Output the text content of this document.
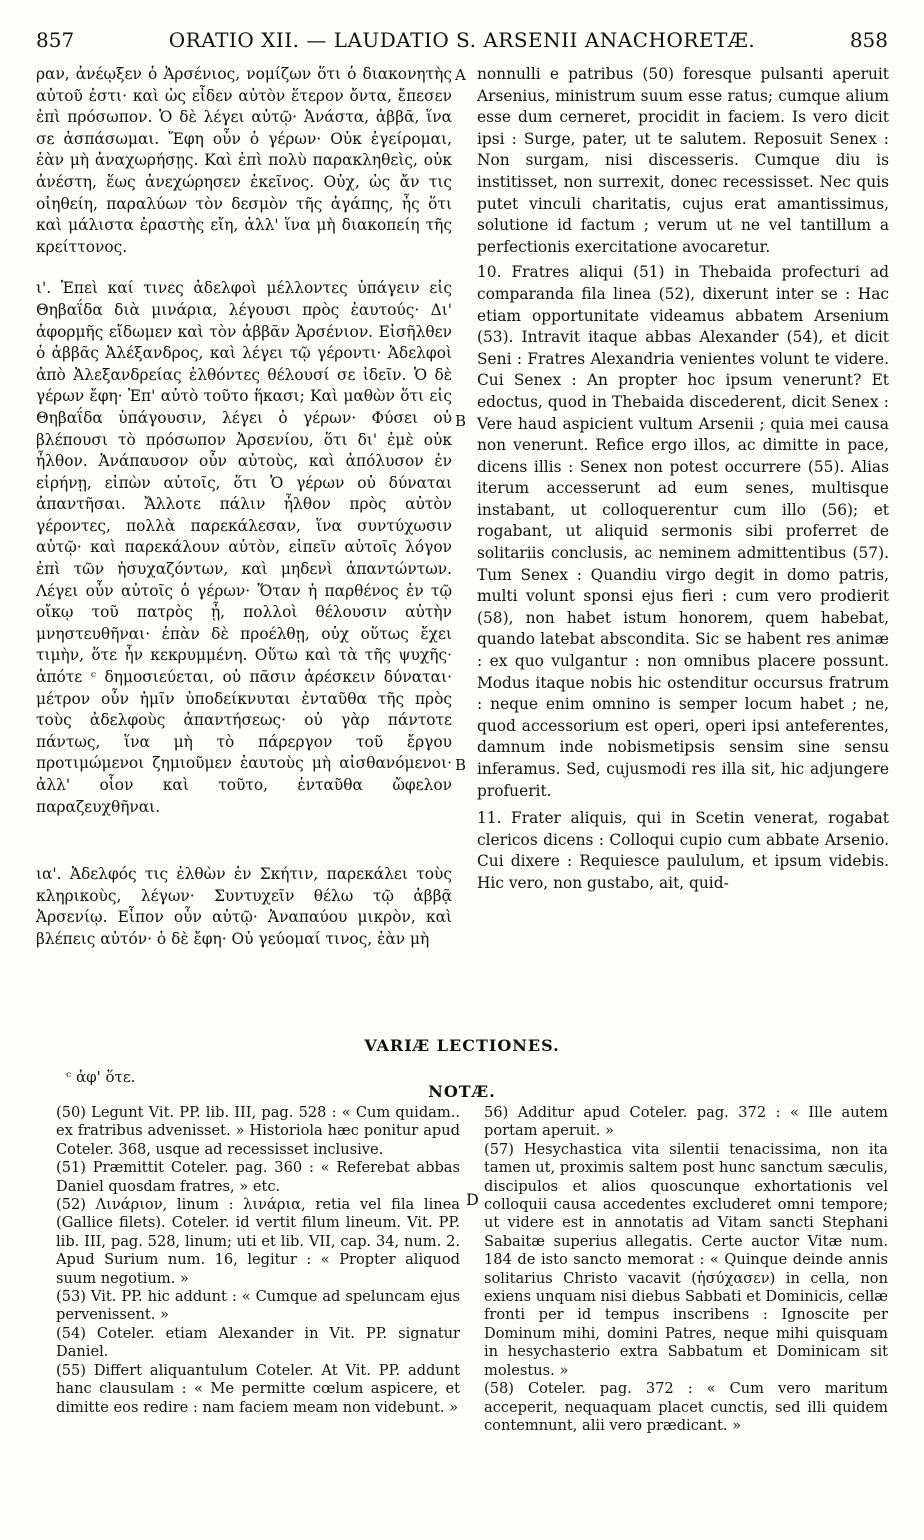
857	ORATIO XII. — LAUDATIO S. ARSENII ANACHORETÆ.	858
A
B
B

ραν, ἀνέῳξεν ὁ Ἀρσένιος, νομίζων ὅτι ὁ διακονητὴς αὐτοῦ ἐστι· καὶ ὡς εἶδεν αὐτὸν ἕτερον ὄντα, ἔπεσεν ἐπὶ πρόσωπον. Ὁ δὲ λέγει αὐτῷ· Ἀνάστα, ἀββᾶ, ἵνα σε ἀσπάσωμαι. Ἔφη οὖν ὁ γέρων· Οὐκ ἐγείρομαι, ἐὰν μὴ ἀναχωρήσῃς. Καὶ ἐπὶ πολὺ παρακληθεὶς, οὐκ ἀνέστη, ἕως ἀνεχώρησεν ἐκεῖνος. Οὐχ, ὡς ἄν τις οἰηθείη, παραλύων τὸν δεσμὸν τῆς ἀγάπης, ἧς ὅτι καὶ μάλιστα ἐραστὴς εἴη, ἀλλ' ἵνα μὴ διακοπείη τῆς κρείττονος.

ι'. Ἐπεὶ καί τινες ἀδελφοὶ μέλλοντες ὑπάγειν εἰς Θηβαΐδα διὰ μινάρια, λέγουσι πρὸς ἑαυτούς· Δι' ἀφορμῆς εἴδωμεν καὶ τὸν ἀββᾶν Ἀρσένιον. Εἰσῆλθεν ὁ ἀββᾶς Ἀλέξανδρος, καὶ λέγει τῷ γέροντι· Ἀδελφοὶ ἀπὸ Ἀλεξανδρείας ἐλθόντες θέλουσί σε ἰδεῖν. Ὁ δὲ γέρων ἔφη· Ἐπ' αὐτὸ τοῦτο ἥκασι; Καὶ μαθὼν ὅτι εἰς Θηβαΐδα ὑπάγουσιν, λέγει ὁ γέρων· Φύσει οὐ βλέπουσι τὸ πρόσωπον Ἀρσενίου, ὅτι δι' ἐμὲ οὐκ ἦλθον. Ἀνάπαυσον οὖν αὐτοὺς, καὶ ἀπόλυσον ἐν εἰρήνῃ, εἰπὼν αὐτοῖς, ὅτι Ὁ γέρων οὐ δύναται ἀπαντῆσαι. Ἄλλοτε πάλιν ἦλθον πρὸς αὐτὸν γέροντες, πολλὰ παρεκάλεσαν, ἵνα συντύχωσιν αὐτῷ· καὶ παρεκάλουν αὐτὸν, εἰπεῖν αὐτοῖς λόγον ἐπὶ τῶν ἡσυχαζόντων, καὶ μηδενὶ ἀπαντώντων. Λέγει οὖν αὐτοῖς ὁ γέρων· Ὅταν ἡ παρθένος ἐν τῷ οἴκῳ τοῦ πατρὸς ᾖ, πολλοὶ θέλουσιν αὐτὴν μνηστευθῆναι· ἐπὰν δὲ προέλθῃ, οὐχ οὕτως ἔχει τιμὴν, ὅτε ἦν κεκρυμμένη. Οὕτω καὶ τὰ τῆς ψυχῆς· ἀπότε ᶜ δημοσιεύεται, οὐ πᾶσιν ἀρέσκειν δύναται· μέτρον οὖν ἡμῖν ὑποδείκνυται ἐνταῦθα τῆς πρὸς τοὺς ἀδελφοὺς ἀπαντήσεως· οὐ γὰρ πάντοτε πάντως, ἵνα μὴ τὸ πάρεργον τοῦ ἔργου προτιμώμενοι ζημιοῦμεν ἑαυτοὺς μὴ αἰσθανόμενοι· ἀλλ' οἷον καὶ τοῦτο, ἐνταῦθα ὤφελον παραζευχθῆναι.

ια'. Ἀδελφός τις ἐλθὼν ἐν Σκήτιν, παρεκάλει τοὺς κληρικοὺς, λέγων· Συντυχεῖν θέλω τῷ ἀββᾷ Ἀρσενίῳ. Εἶπον οὖν αὐτῷ· Ἀναπαύου μικρὸν, καὶ βλέπεις αὐτόν· ὁ δὲ ἔφη· Οὐ γεύομαί τινος, ἐὰν μὴ

nonnulli e patribus (50) foresque pulsanti aperuit Arsenius, ministrum suum esse ratus; cumque alium esse dum cerneret, procidit in faciem. Is vero dicit ipsi : Surge, pater, ut te salutem. Reposuit Senex : Non surgam, nisi discesseris. Cumque diu is institisset, non surrexit, donec recessisset. Nec quis putet vinculi charitatis, cujus erat amantissimus, solutione id factum ; verum ut ne vel tantillum a perfectionis exercitatione avocaretur.

10. Fratres aliqui (51) in Thebaida profecturi ad comparanda fila linea (52), dixerunt inter se : Hac etiam opportunitate videamus abbatem Arsenium (53). Intravit itaque abbas Alexander (54), et dicit Seni : Fratres Alexandria venientes volunt te videre. Cui Senex : An propter hoc ipsum venerunt? Et edoctus, quod in Thebaida discederent, dicit Senex : Vere haud aspicient vultum Arsenii ; quia mei causa non venerunt. Refice ergo illos, ac dimitte in pace, dicens illis : Senex non potest occurrere (55). Alias iterum accesserunt ad eum senes, multisque instabant, ut colloquerentur cum illo (56); et rogabant, ut aliquid sermonis sibi proferret de solitariis conclusis, ac neminem admittentibus (57). Tum Senex : Quandiu virgo degit in domo patris, multi volunt sponsi ejus fieri : cum vero prodierit (58), non habet istum honorem, quem habebat, quando latebat abscondita. Sic se habent res animæ : ex quo vulgantur : non omnibus placere possunt. Modus itaque nobis hic ostenditur occursus fratrum : neque enim omnino is semper locum habet ; ne, quod accessorium est operi, operi ipsi anteferentes, damnum inde nobismetipsis sensim sine sensu inferamus. Sed, cujusmodi res illa sit, hic adjungere profuerit.

11. Frater aliquis, qui in Scetin venerat, rogabat clericos dicens : Colloqui cupio cum abbate Arsenio. Cui dixere : Requiesce paululum, et ipsum videbis. Hic vero, non gustabo, ait, quid-

VARIÆ LECTIONES.
ᶜ ἀφ' ὅτε.
NOTÆ.
D

(50) Legunt Vit. PP. lib. III, pag. 528 : « Cum quidam.. ex fratribus advenisset. » Historiola hæc ponitur apud Coteler. 368, usque ad recessisset inclusive.

(51) Præmittit Coteler. pag. 360 : « Referebat abbas Daniel quosdam fratres, » etc.

(52) Λινάριον, linum : λινάρια, retia vel fila linea (Gallice filets). Coteler. id vertit filum lineum. Vit. PP. lib. III, pag. 528, linum; uti et lib. VII, cap. 34, num. 2. Apud Surium num. 16, legitur : « Propter aliquod suum negotium. »

(53) Vit. PP. hic addunt : « Cumque ad speluncam ejus pervenissent. »

(54) Coteler. etiam Alexander in Vit. PP. signatur Daniel.

(55) Differt aliquantulum Coteler. At Vit. PP. addunt hanc clausulam : « Me permitte cœlum aspicere, et dimitte eos redire : nam faciem meam non videbunt. »

56) Additur apud Coteler. pag. 372 : « Ille autem portam aperuit. »

(57) Hesychastica vita silentii tenacissima, non ita tamen ut, proximis saltem post hunc sanctum sæculis, discipulos et alios quoscunque exhortationis vel colloquii causa accedentes excluderet omni tempore; ut videre est in annotatis ad Vitam sancti Stephani Sabaitæ superius allegatis. Certe auctor Vitæ num. 184 de isto sancto memorat : « Quinque deinde annis solitarius Christo vacavit (ἡσύχασεν) in cella, non exiens unquam nisi diebus Sabbati et Dominicis, cellæ fronti per id tempus inscribens : Ignoscite per Dominum mihi, domini Patres, neque mihi quisquam in hesychasterio extra Sabbatum et Dominicam sit molestus. »

(58) Coteler. pag. 372 : « Cum vero maritum acceperit, nequaquam placet cunctis, sed illi quidem contemnunt, alii vero prædicant. »
